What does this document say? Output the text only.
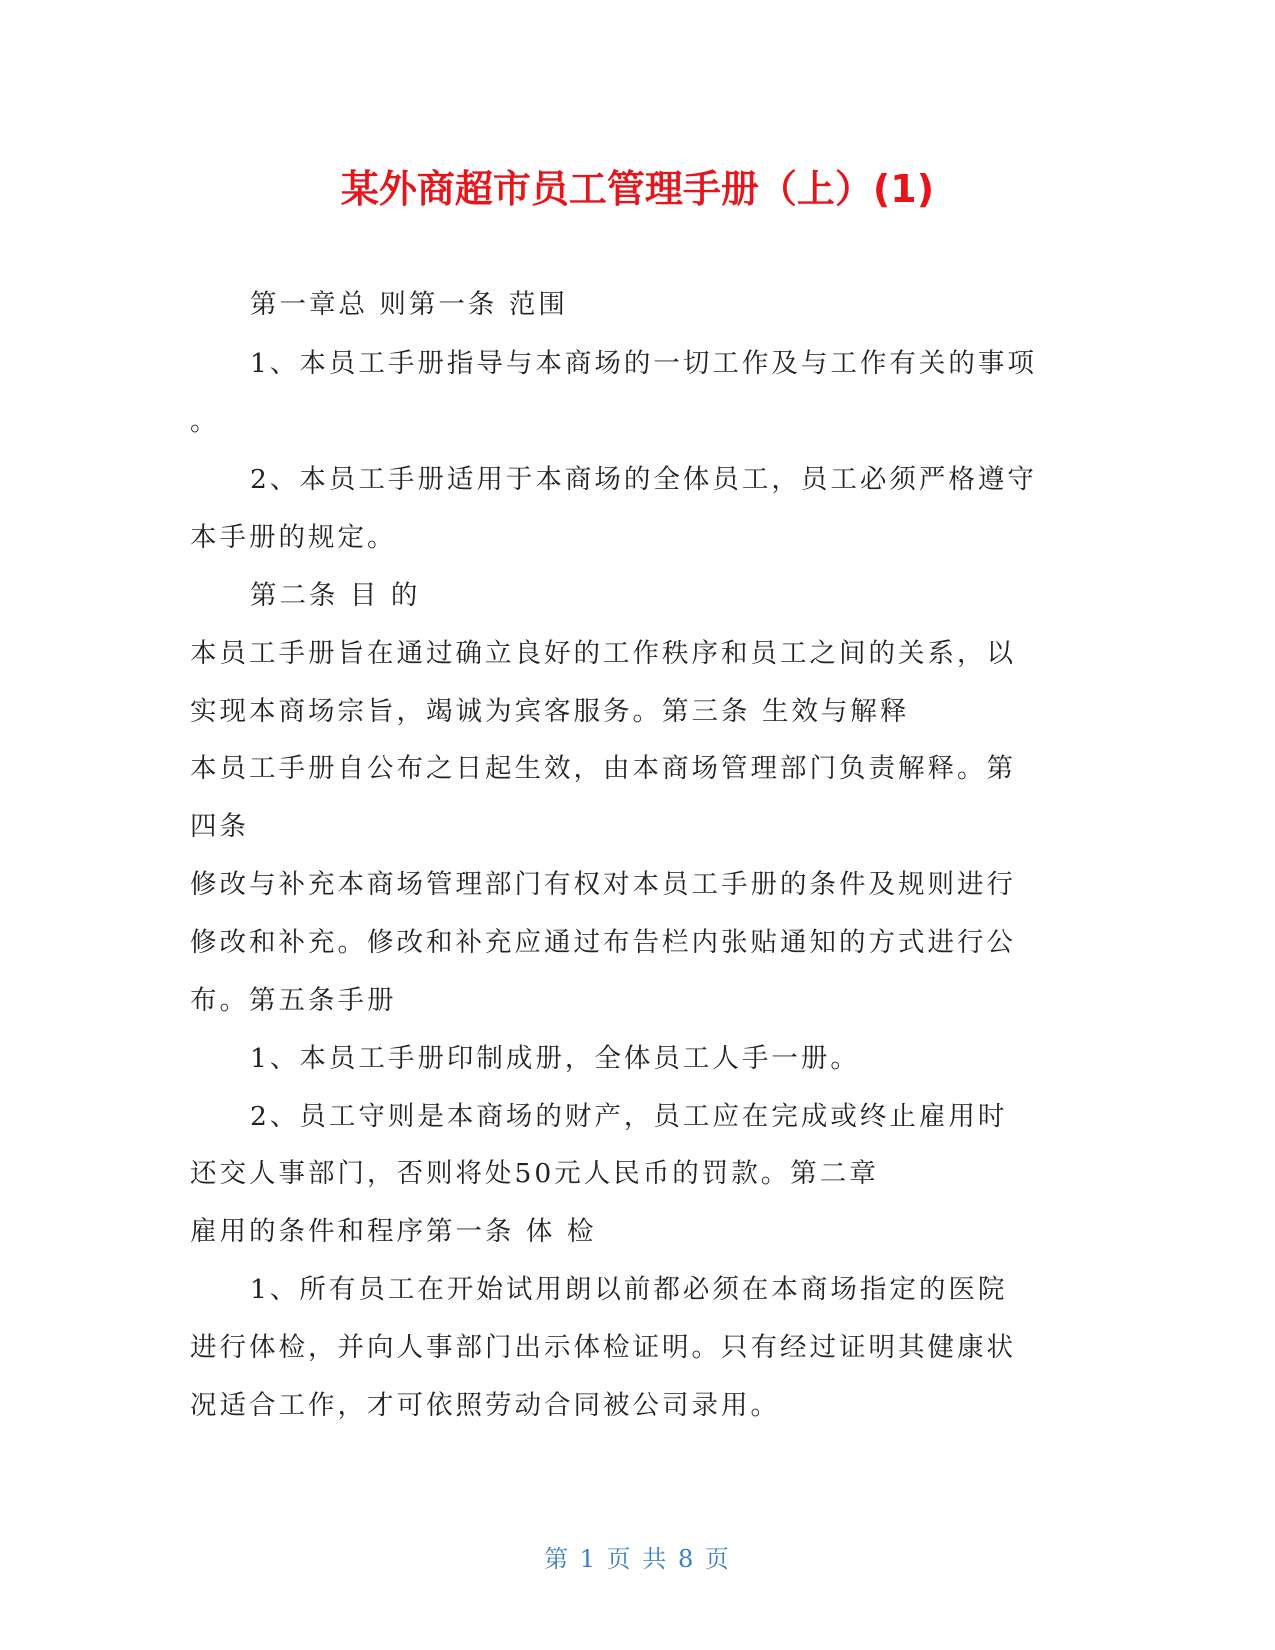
某外商超市员工管理手册（上）(1)
第一章总 则第一条 范围
1、本员工手册指导与本商场的一切工作及与工作有关的事项
。
2、本员工手册适用于本商场的全体员工，员工必须严格遵守
本手册的规定。
第二条 目 的
本员工手册旨在通过确立良好的工作秩序和员工之间的关系，以
实现本商场宗旨，竭诚为宾客服务。第三条 生效与解释
本员工手册自公布之日起生效，由本商场管理部门负责解释。第
四条
修改与补充本商场管理部门有权对本员工手册的条件及规则进行
修改和补充。修改和补充应通过布告栏内张贴通知的方式进行公
布。第五条手册
1、本员工手册印制成册，全体员工人手一册。
2、员工守则是本商场的财产，员工应在完成或终止雇用时
还交人事部门，否则将处50元人民币的罚款。第二章
雇用的条件和程序第一条 体 检
1、所有员工在开始试用朗以前都必须在本商场指定的医院
进行体检，并向人事部门出示体检证明。只有经过证明其健康状
况适合工作，才可依照劳动合同被公司录用。
第 1 页 共 8 页
